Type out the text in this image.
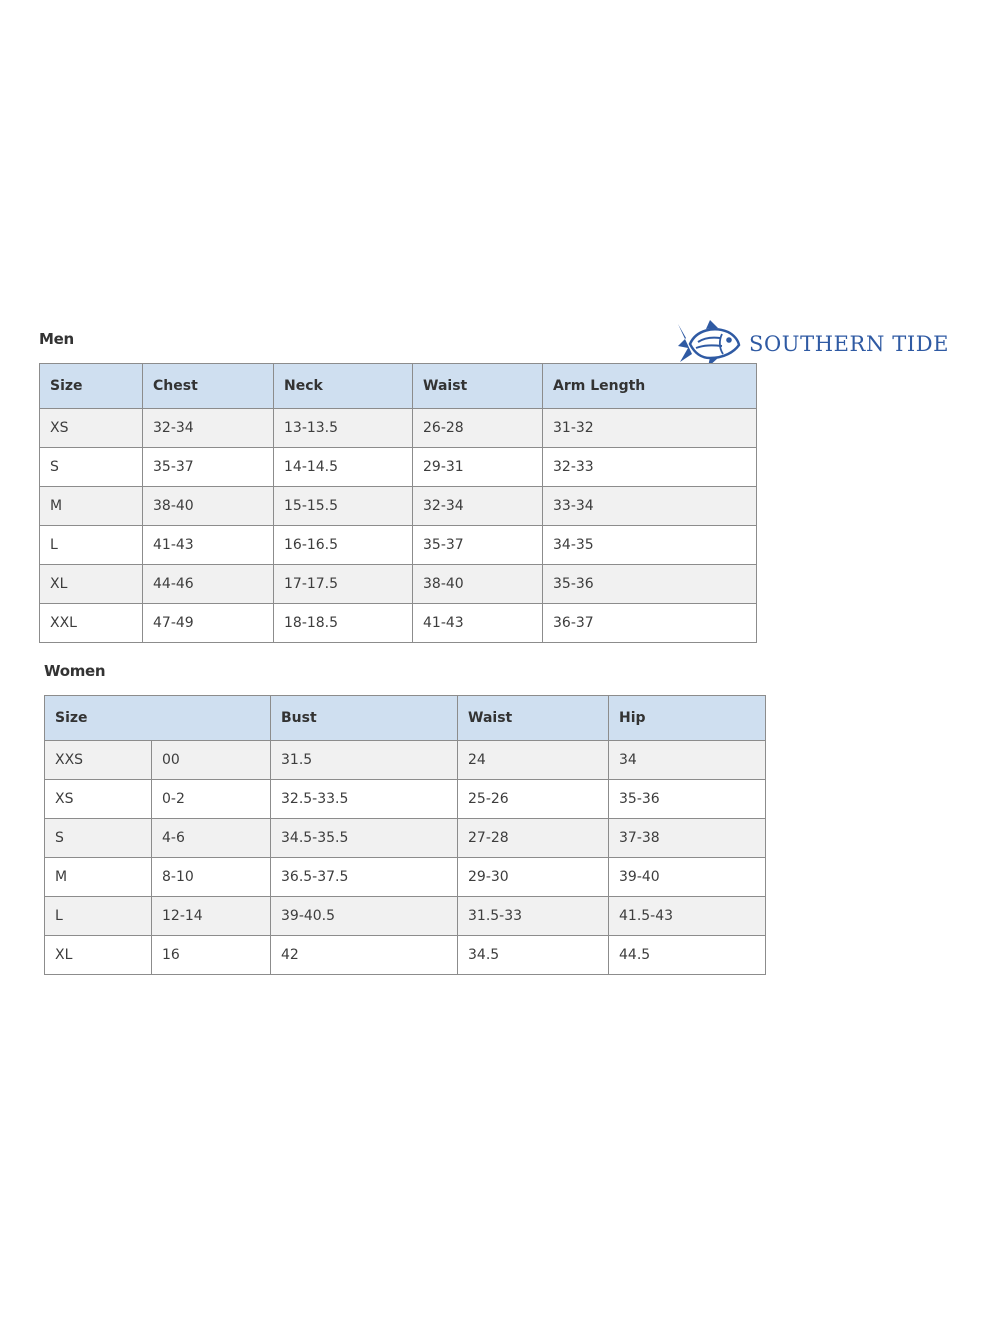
Men	SOUTHERN TIDE
Size	Chest	Neck	Waist	Arm Length
XS	32-34	13-13.5	26-28	31-32
S	35-37	14-14.5	29-31	32-33
M	38-40	15-15.5	32-34	33-34
L	41-43	16-16.5	35-37	34-35
XL	44-46	17-17.5	38-40	35-36
XXL	47-49	18-18.5	41-43	36-37
Women
Size		Bust	Waist	Hip
XXS	00	31.5	24	34
XS	0-2	32.5-33.5	25-26	35-36
S	4-6	34.5-35.5	27-28	37-38
M	8-10	36.5-37.5	29-30	39-40
L	12-14	39-40.5	31.5-33	41.5-43
XL	16	42	34.5	44.5
